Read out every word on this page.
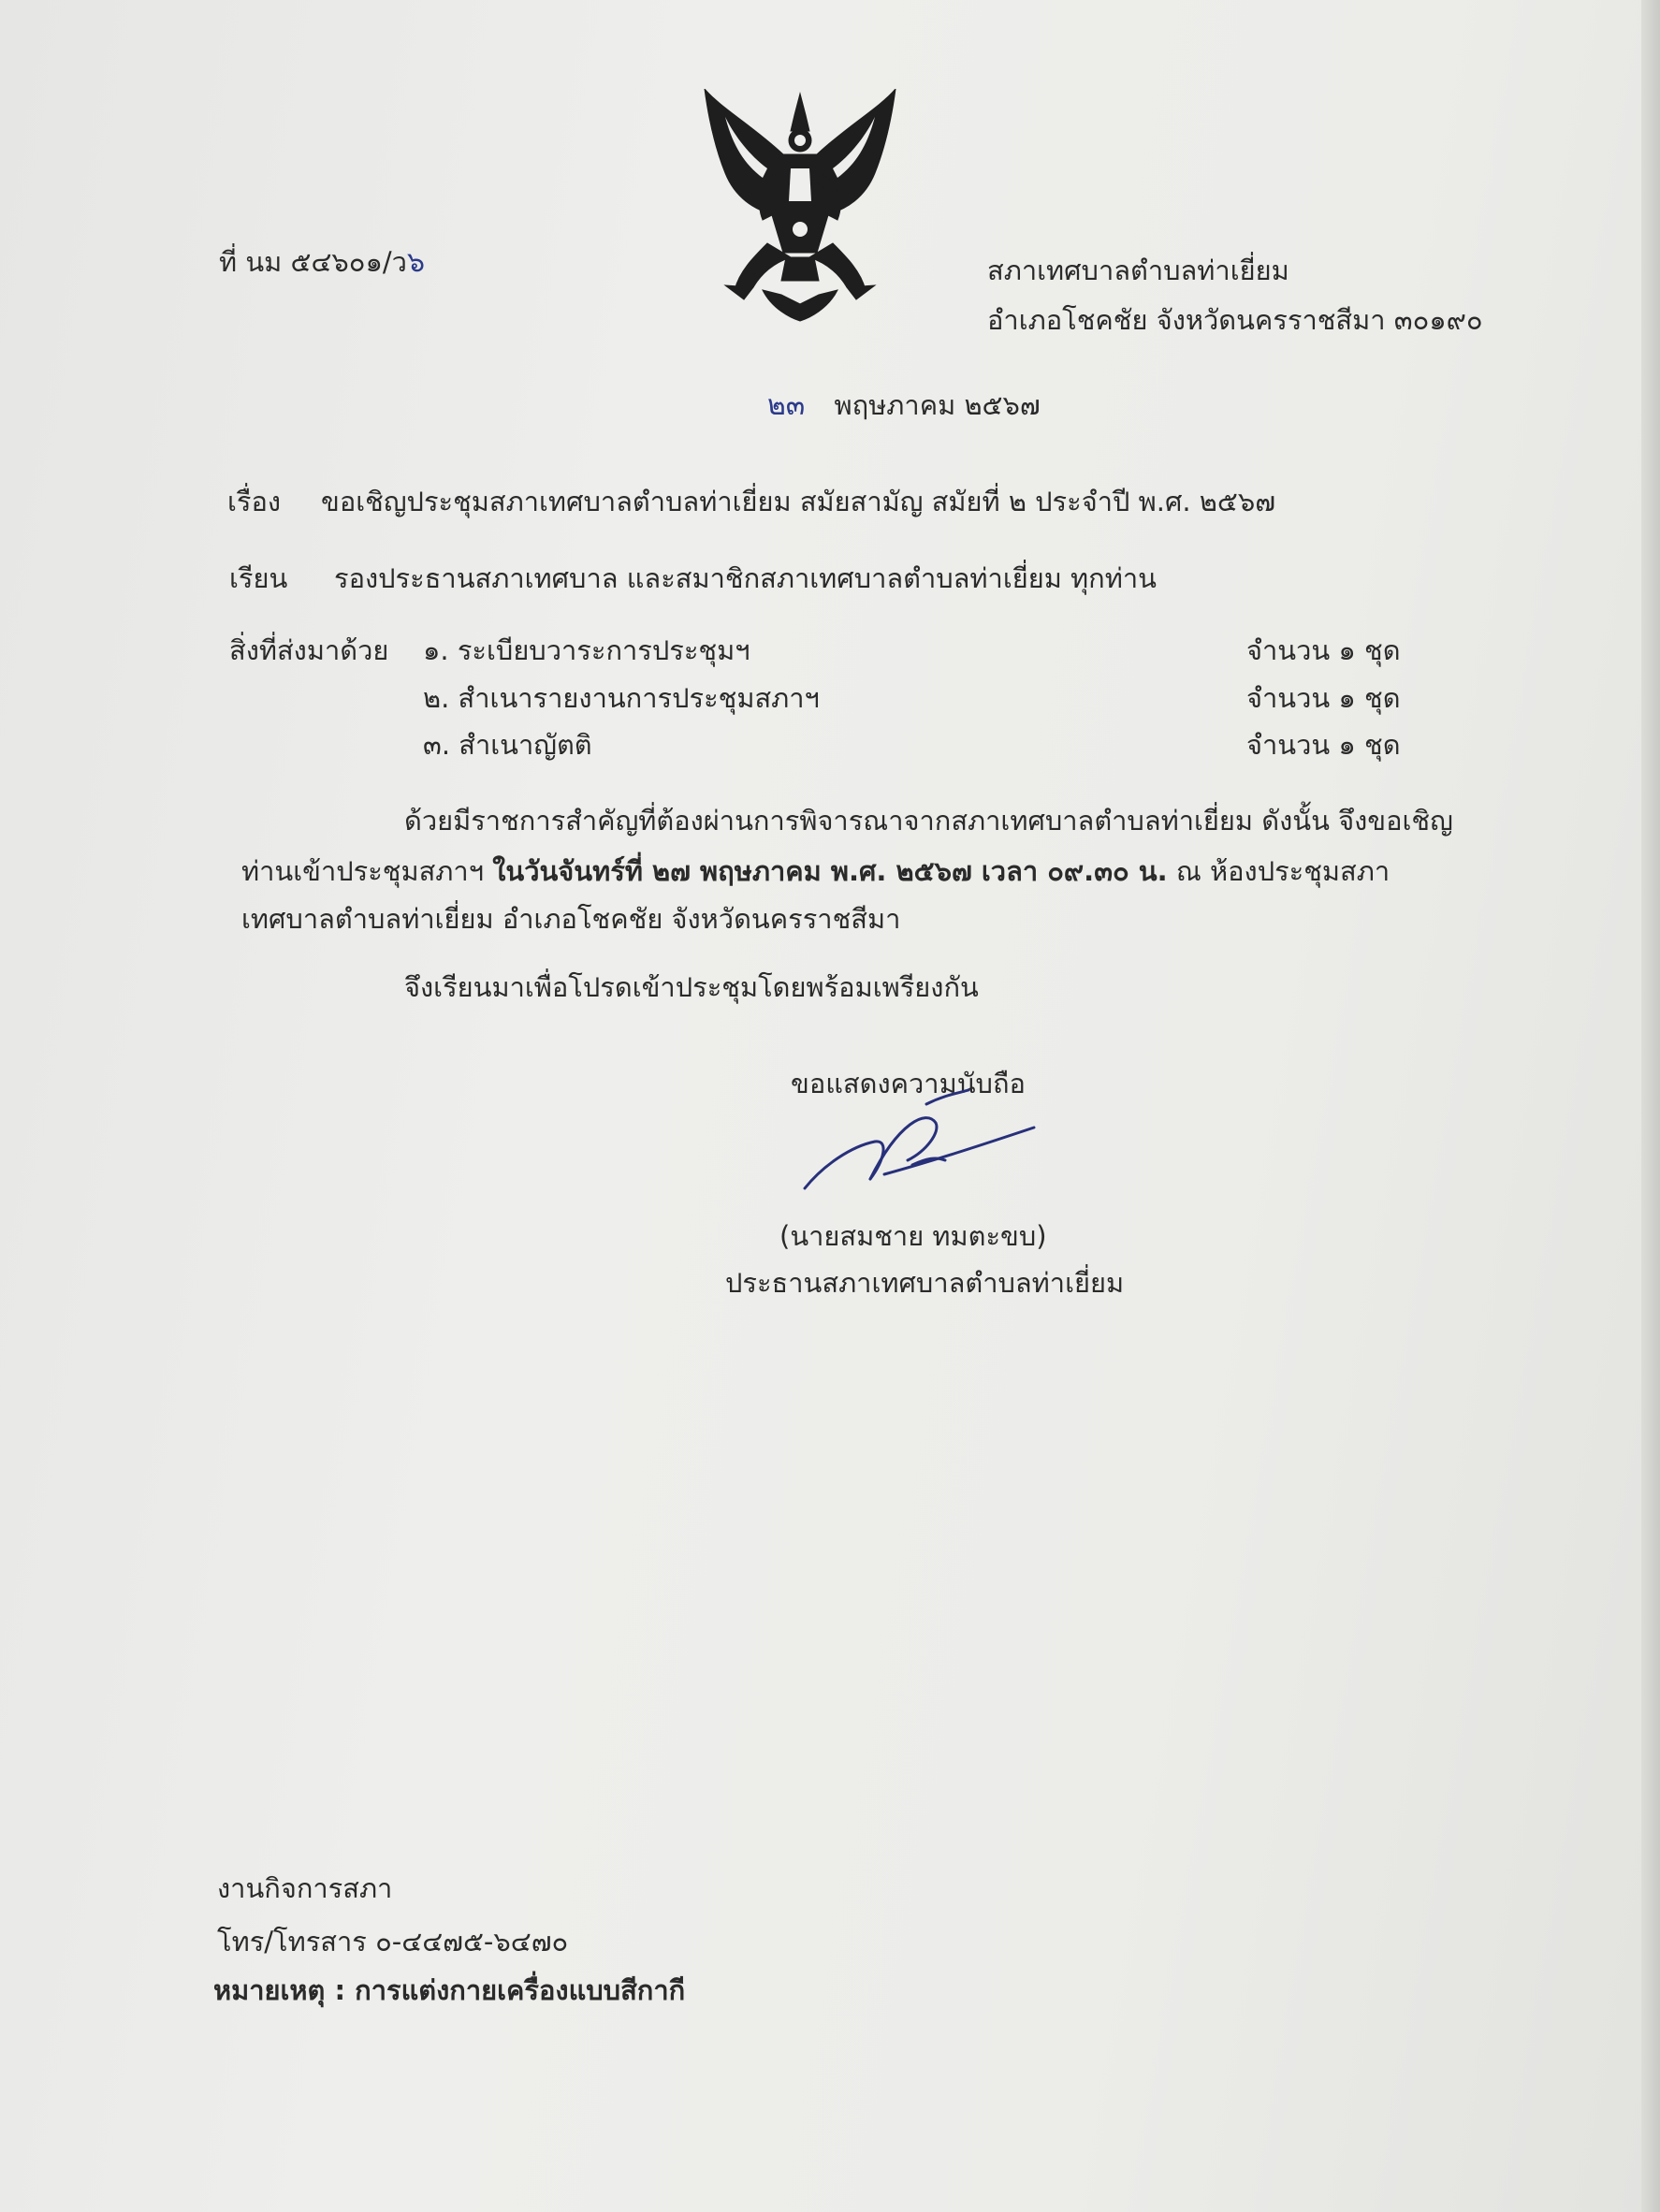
ที่ นม ๕๔๖๐๑/ว๖	สภาเทศบาลตำบลท่าเยี่ยม
อำเภอโชคชัย จังหวัดนครราชสีมา ๓๐๑๙๐
๒๓ พฤษภาคม ๒๕๖๗
เรื่อง ขอเชิญประชุมสภาเทศบาลตำบลท่าเยี่ยม สมัยสามัญ สมัยที่ ๒ ประจำปี พ.ศ. ๒๕๖๗
เรียน รองประธานสภาเทศบาล และสมาชิกสภาเทศบาลตำบลท่าเยี่ยม ทุกท่าน
สิ่งที่ส่งมาด้วย ๑. ระเบียบวาระการประชุมฯ	จำนวน ๑ ชุด
๒. สำเนารายงานการประชุมสภาฯ	จำนวน ๑ ชุด
๓. สำเนาญัตติ	จำนวน ๑ ชุด
ด้วยมีราชการสำคัญที่ต้องผ่านการพิจารณาจากสภาเทศบาลตำบลท่าเยี่ยม ดังนั้น จึงขอเชิญ
ท่านเข้าประชุมสภาฯ ในวันจันทร์ที่ ๒๗ พฤษภาคม พ.ศ. ๒๕๖๗ เวลา ๐๙.๓๐ น. ณ ห้องประชุมสภา
เทศบาลตำบลท่าเยี่ยม อำเภอโชคชัย จังหวัดนครราชสีมา
จึงเรียนมาเพื่อโปรดเข้าประชุมโดยพร้อมเพรียงกัน
ขอแสดงความนับถือ
(นายสมชาย ทมตะขบ)
ประธานสภาเทศบาลตำบลท่าเยี่ยม
งานกิจการสภา
โทร/โทรสาร ๐-๔๔๗๕-๖๔๗๐
หมายเหตุ : การแต่งกายเครื่องแบบสีกากี
